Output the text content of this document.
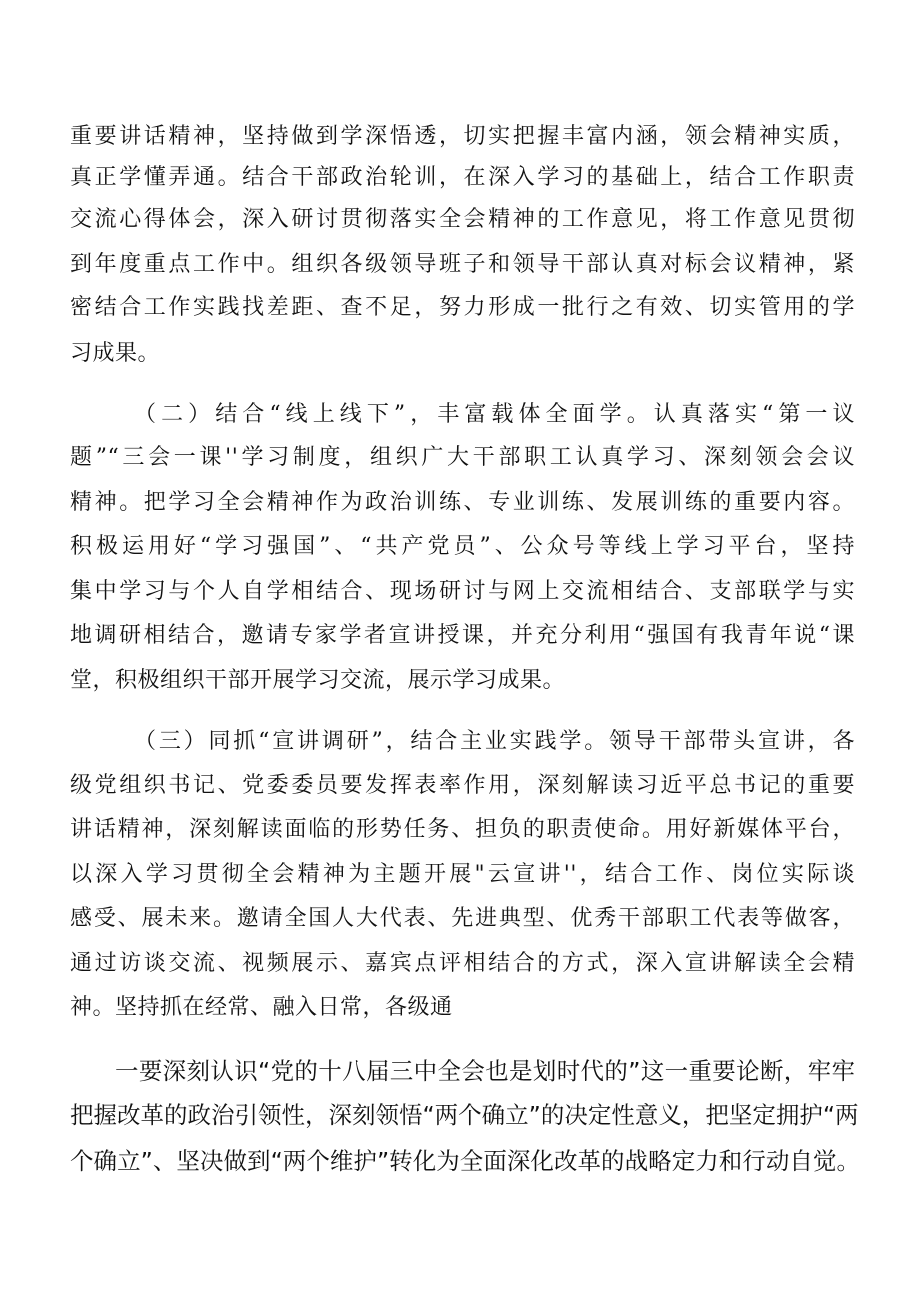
重要讲话精神，坚持做到学深悟透，切实把握丰富内涵，领会精神实质，
真正学懂弄通。结合干部政治轮训，在深入学习的基础上，结合工作职责
交流心得体会，深入研讨贯彻落实全会精神的工作意见，将工作意见贯彻
到年度重点工作中。组织各级领导班子和领导干部认真对标会议精神，紧
密结合工作实践找差距、查不足，努力形成一批行之有效、切实管用的学
习成果。
（二）结合“线上线下”，丰富载体全面学。认真落实“第一议
题”“三会一课''学习制度，组织广大干部职工认真学习、深刻领会会议
精神。把学习全会精神作为政治训练、专业训练、发展训练的重要内容。
积极运用好“学习强国”、“共产党员”、公众号等线上学习平台，坚持
集中学习与个人自学相结合、现场研讨与网上交流相结合、支部联学与实
地调研相结合，邀请专家学者宣讲授课，并充分利用“强国有我青年说“课
堂，积极组织干部开展学习交流，展示学习成果。
（三）同抓“宣讲调研”，结合主业实践学。领导干部带头宣讲，各
级党组织书记、党委委员要发挥表率作用，深刻解读习近平总书记的重要
讲话精神，深刻解读面临的形势任务、担负的职责使命。用好新媒体平台，
以深入学习贯彻全会精神为主题开展"云宣讲''，结合工作、岗位实际谈
感受、展未来。邀请全国人大代表、先进典型、优秀干部职工代表等做客，
通过访谈交流、视频展示、嘉宾点评相结合的方式，深入宣讲解读全会精
神。坚持抓在经常、融入日常，各级通
一要深刻认识“党的十八届三中全会也是划时代的”这一重要论断，牢牢
把握改革的政治引领性，深刻领悟“两个确立”的决定性意义，把坚定拥护“两
个确立”、坚决做到“两个维护”转化为全面深化改革的战略定力和行动自觉。
